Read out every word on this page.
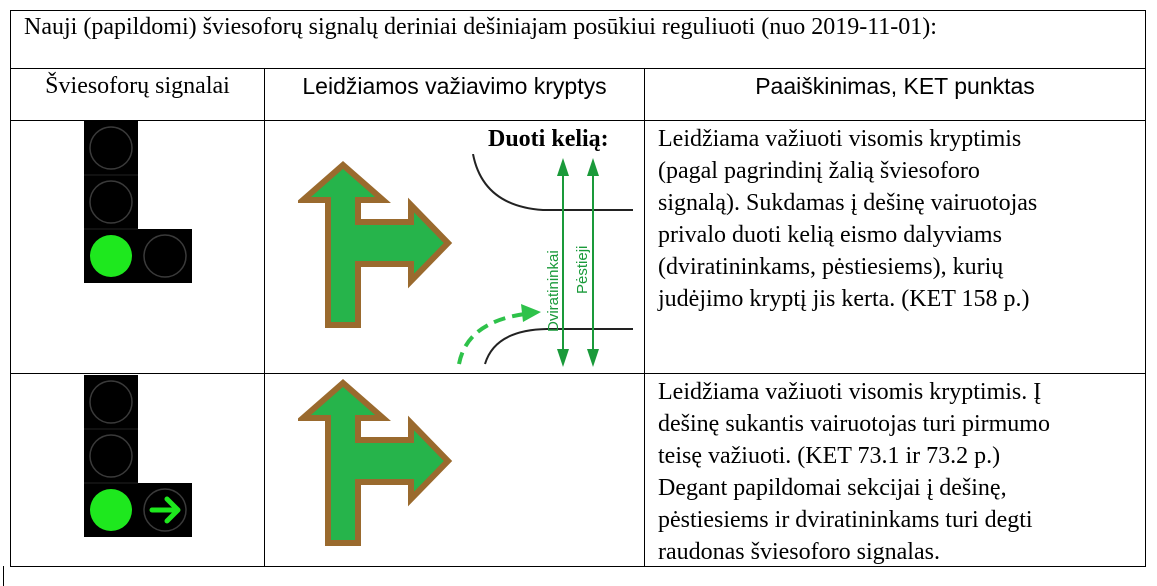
Nauji (papildomi) šviesoforų signalų deriniai dešiniajam posūkiui reguliuoti (nuo 2019-11-01):
Šviesoforų signalai	Leidžiamos važiavimo kryptys	Paaiškinimas, KET punktas
Duoti kelią:
Dviratininkai Pėstieji
Leidžiama važiuoti visomis kryptimis
(pagal pagrindinį žalią šviesoforo
signalą). Sukdamas į dešinę vairuotojas
privalo duoti kelią eismo dalyviams
(dviratininkams, pėstiesiems), kurių
judėjimo kryptį jis kerta. (KET 158 p.)
Leidžiama važiuoti visomis kryptimis. Į
dešinę sukantis vairuotojas turi pirmumo
teisę važiuoti. (KET 73.1 ir 73.2 p.)
Degant papildomai sekcijai į dešinę,
pėstiesiems ir dviratininkams turi degti
raudonas šviesoforo signalas.
